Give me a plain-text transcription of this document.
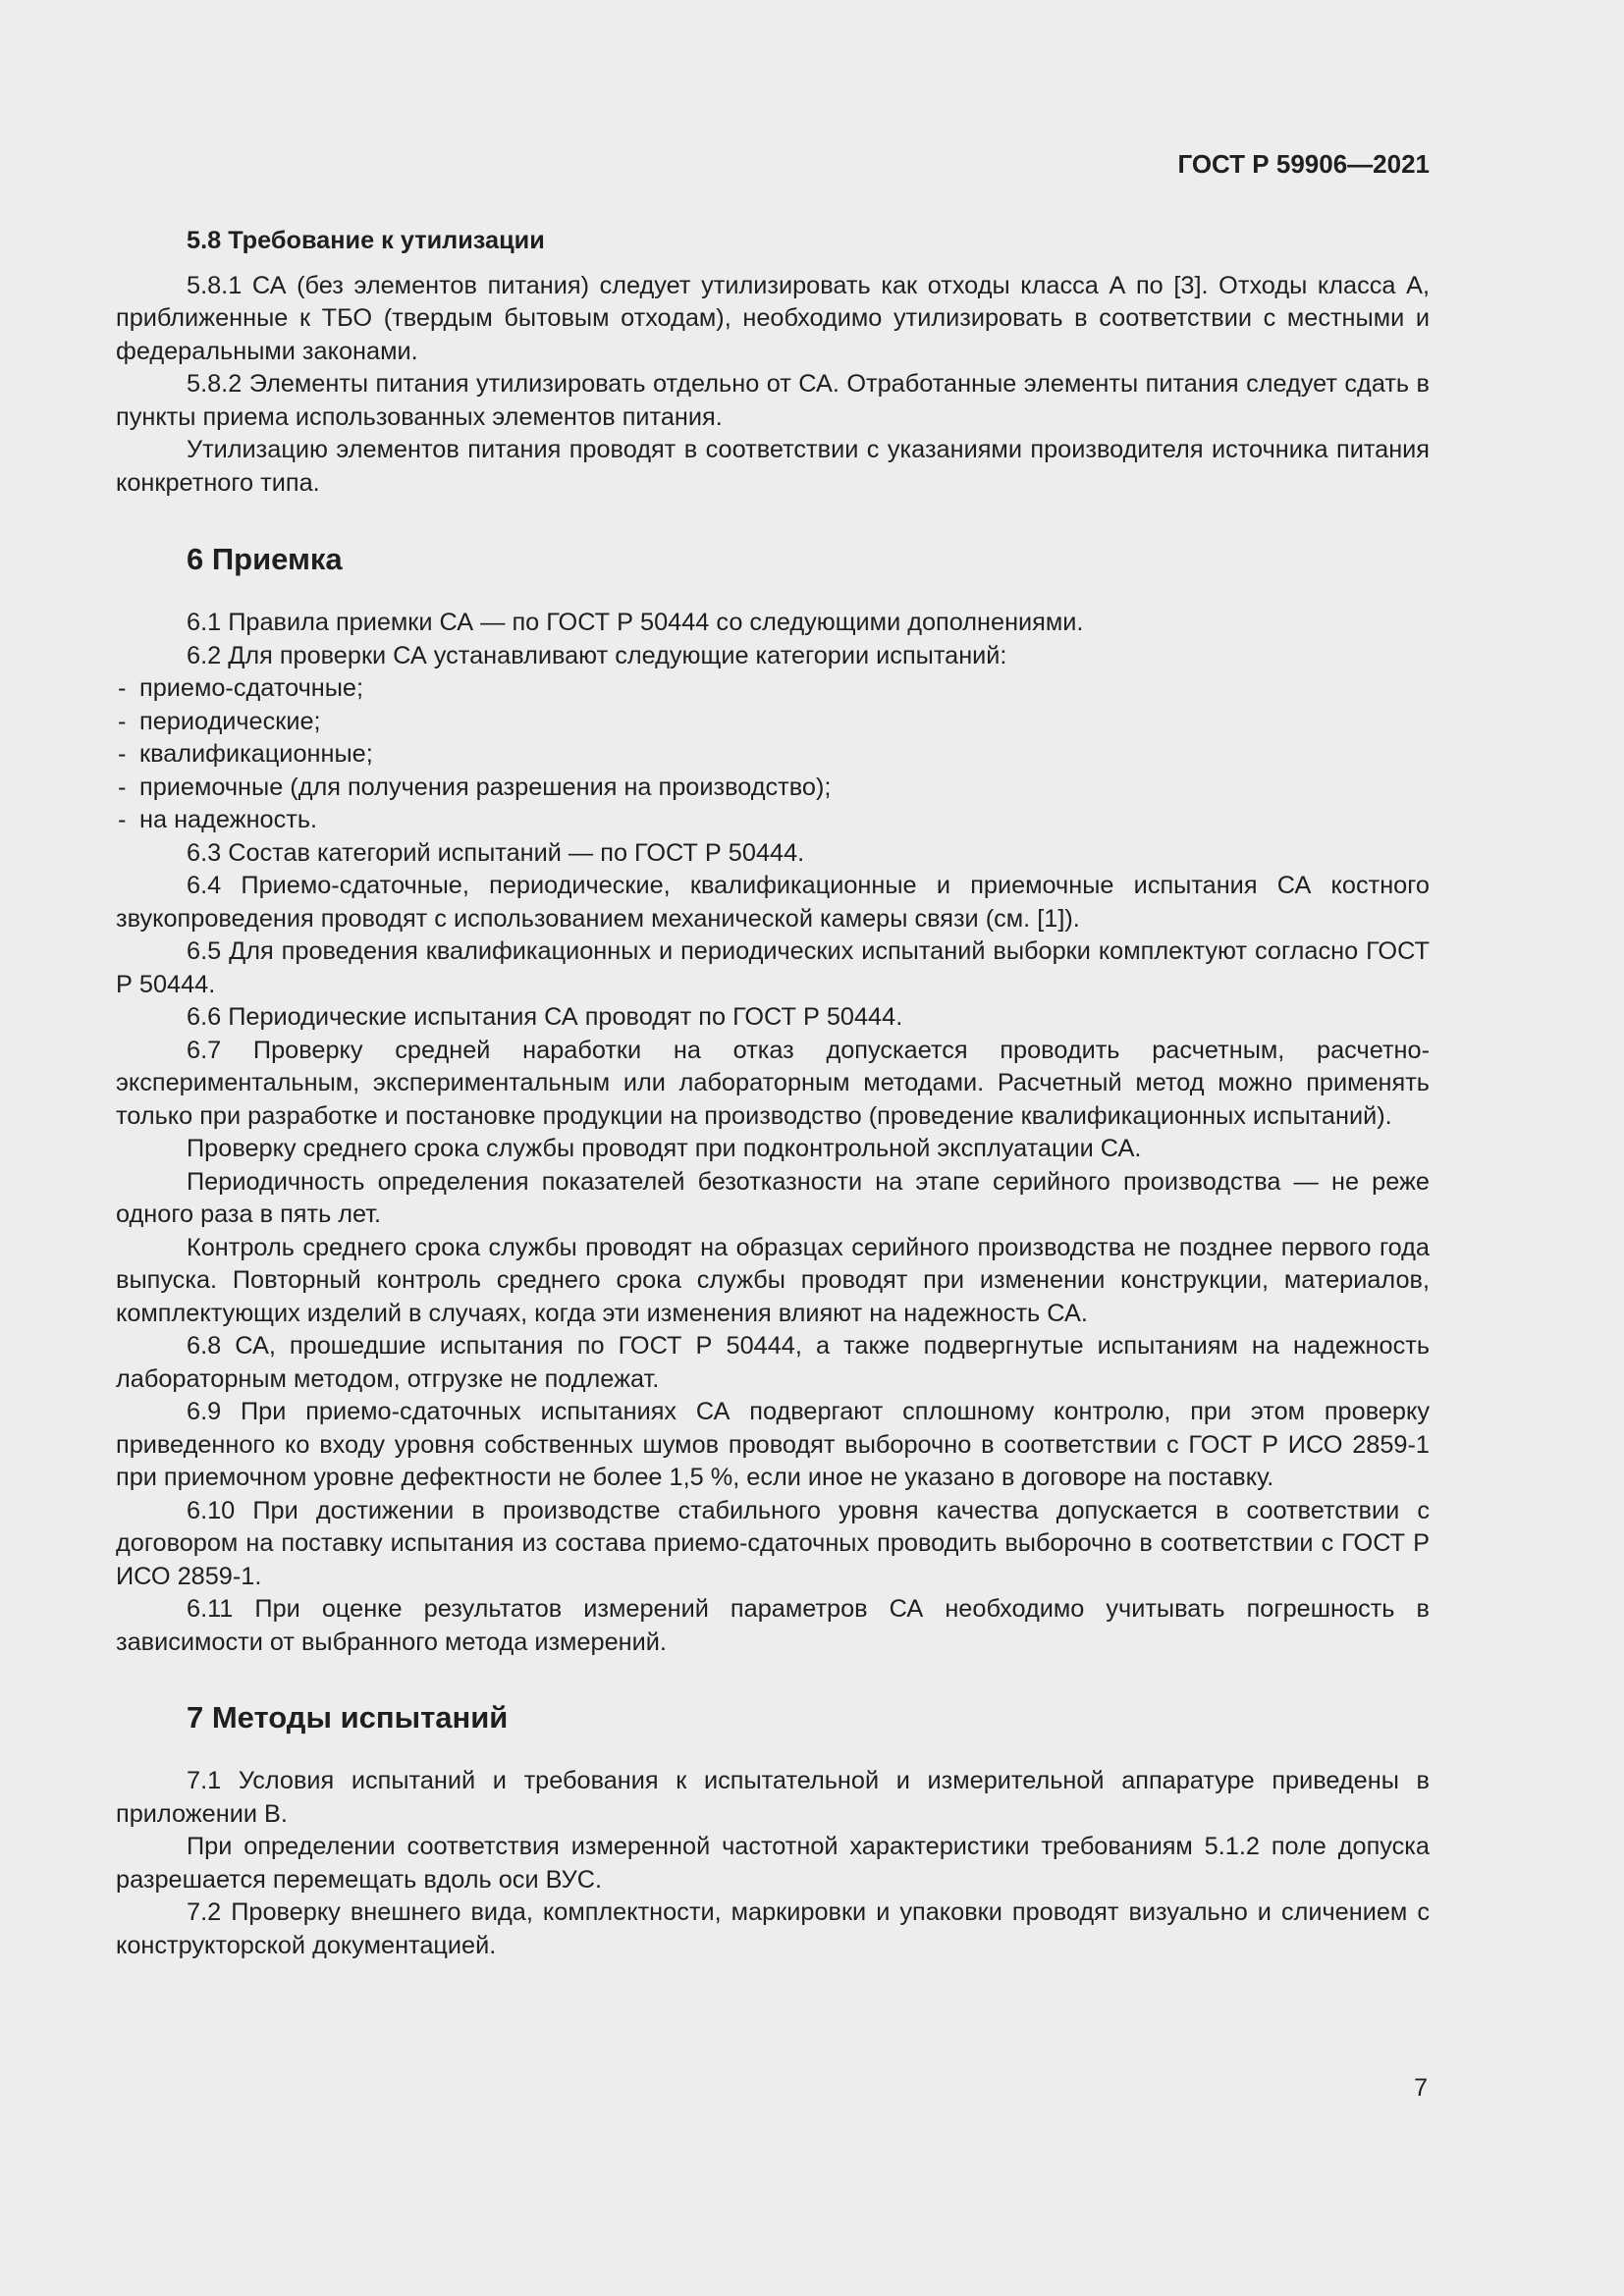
ГОСТ Р 59906—2021

5.8 Требование к утилизации

5.8.1 СА (без элементов питания) следует утилизировать как отходы класса А по [3]. Отходы класса А, приближенные к ТБО (твердым бытовым отходам), необходимо утилизировать в соответствии с местными и федеральными законами.

5.8.2 Элементы питания утилизировать отдельно от СА. Отработанные элементы питания следует сдать в пункты приема использованных элементов питания.

Утилизацию элементов питания проводят в соответствии с указаниями производителя источника питания конкретного типа.

6 Приемка

6.1 Правила приемки СА — по ГОСТ Р 50444 со следующими дополнениями.

6.2 Для проверки СА устанавливают следующие категории испытаний:

- приемо-сдаточные;
- периодические;
- квалификационные;
- приемочные (для получения разрешения на производство);
- на надежность.

6.3 Состав категорий испытаний — по ГОСТ Р 50444.

6.4 Приемо-сдаточные, периодические, квалификационные и приемочные испытания СА костного звукопроведения проводят с использованием механической камеры связи (см. [1]).

6.5 Для проведения квалификационных и периодических испытаний выборки комплектуют согласно ГОСТ Р 50444.

6.6 Периодические испытания СА проводят по ГОСТ Р 50444.

6.7 Проверку средней наработки на отказ допускается проводить расчетным, расчетно-экспериментальным, экспериментальным или лабораторным методами. Расчетный метод можно применять только при разработке и постановке продукции на производство (проведение квалификационных испытаний).

Проверку среднего срока службы проводят при подконтрольной эксплуатации СА.

Периодичность определения показателей безотказности на этапе серийного производства — не реже одного раза в пять лет.

Контроль среднего срока службы проводят на образцах серийного производства не позднее первого года выпуска. Повторный контроль среднего срока службы проводят при изменении конструкции, материалов, комплектующих изделий в случаях, когда эти изменения влияют на надежность СА.

6.8 СА, прошедшие испытания по ГОСТ Р 50444, а также подвергнутые испытаниям на надежность лабораторным методом, отгрузке не подлежат.

6.9 При приемо-сдаточных испытаниях СА подвергают сплошному контролю, при этом проверку приведенного ко входу уровня собственных шумов проводят выборочно в соответствии с ГОСТ Р ИСО 2859-1 при приемочном уровне дефектности не более 1,5 %, если иное не указано в договоре на поставку.

6.10 При достижении в производстве стабильного уровня качества допускается в соответствии с договором на поставку испытания из состава приемо-сдаточных проводить выборочно в соответствии с ГОСТ Р ИСО 2859-1.

6.11 При оценке результатов измерений параметров СА необходимо учитывать погрешность в зависимости от выбранного метода измерений.

7 Методы испытаний

7.1 Условия испытаний и требования к испытательной и измерительной аппаратуре приведены в приложении В.

При определении соответствия измеренной частотной характеристики требованиям 5.1.2 поле допуска разрешается перемещать вдоль оси ВУС.

7.2 Проверку внешнего вида, комплектности, маркировки и упаковки проводят визуально и сличением с конструкторской документацией.

7
